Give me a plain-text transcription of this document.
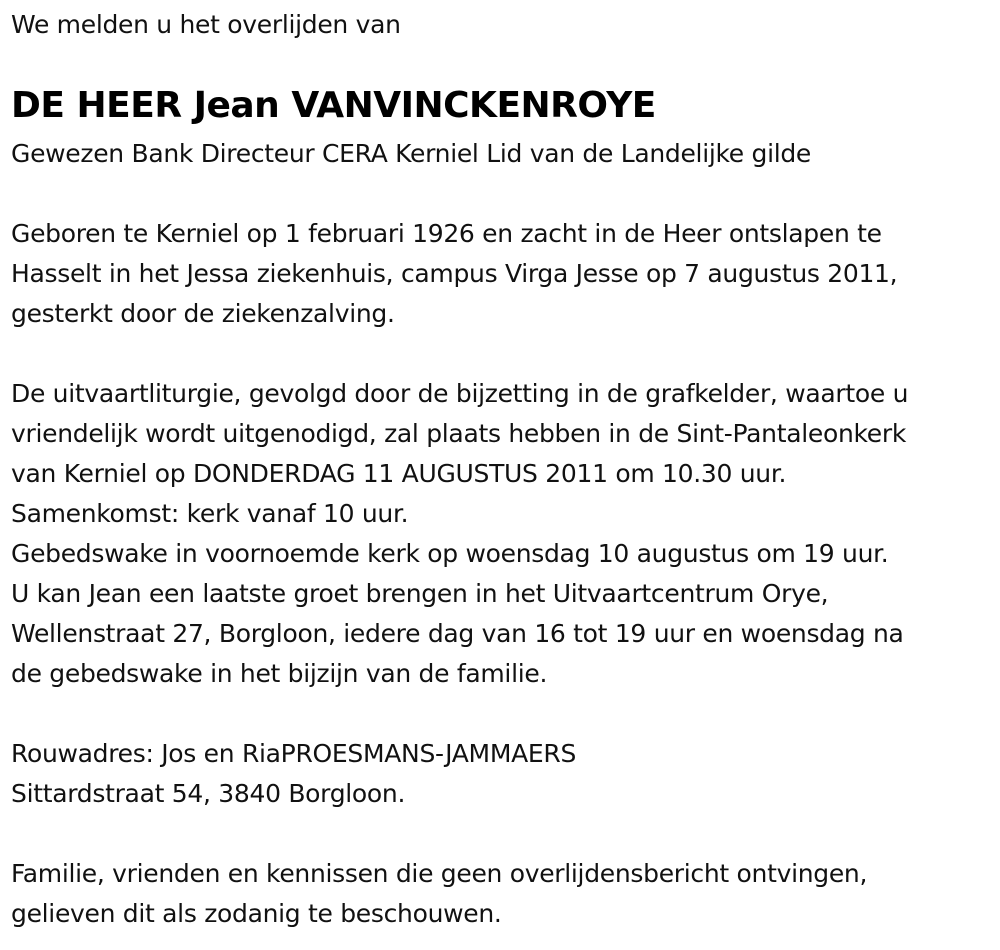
We melden u het overlijden van
DE HEER Jean VANVINCKENROYE
Gewezen Bank Directeur CERA Kerniel Lid van de Landelijke gilde
Geboren te Kerniel op 1 februari 1926 en zacht in de Heer ontslapen te
Hasselt in het Jessa ziekenhuis, campus Virga Jesse op 7 augustus 2011,
gesterkt door de ziekenzalving.
De uitvaartliturgie, gevolgd door de bijzetting in de grafkelder, waartoe u
vriendelijk wordt uitgenodigd, zal plaats hebben in de Sint-Pantaleonkerk
van Kerniel op DONDERDAG 11 AUGUSTUS 2011 om 10.30 uur.
Samenkomst: kerk vanaf 10 uur.
Gebedswake in voornoemde kerk op woensdag 10 augustus om 19 uur.
U kan Jean een laatste groet brengen in het Uitvaartcentrum Orye,
Wellenstraat 27, Borgloon, iedere dag van 16 tot 19 uur en woensdag na
de gebedswake in het bijzijn van de familie.
Rouwadres: Jos en RiaPROESMANS-JAMMAERS
Sittardstraat 54, 3840 Borgloon.
Familie, vrienden en kennissen die geen overlijdensbericht ontvingen,
gelieven dit als zodanig te beschouwen.
